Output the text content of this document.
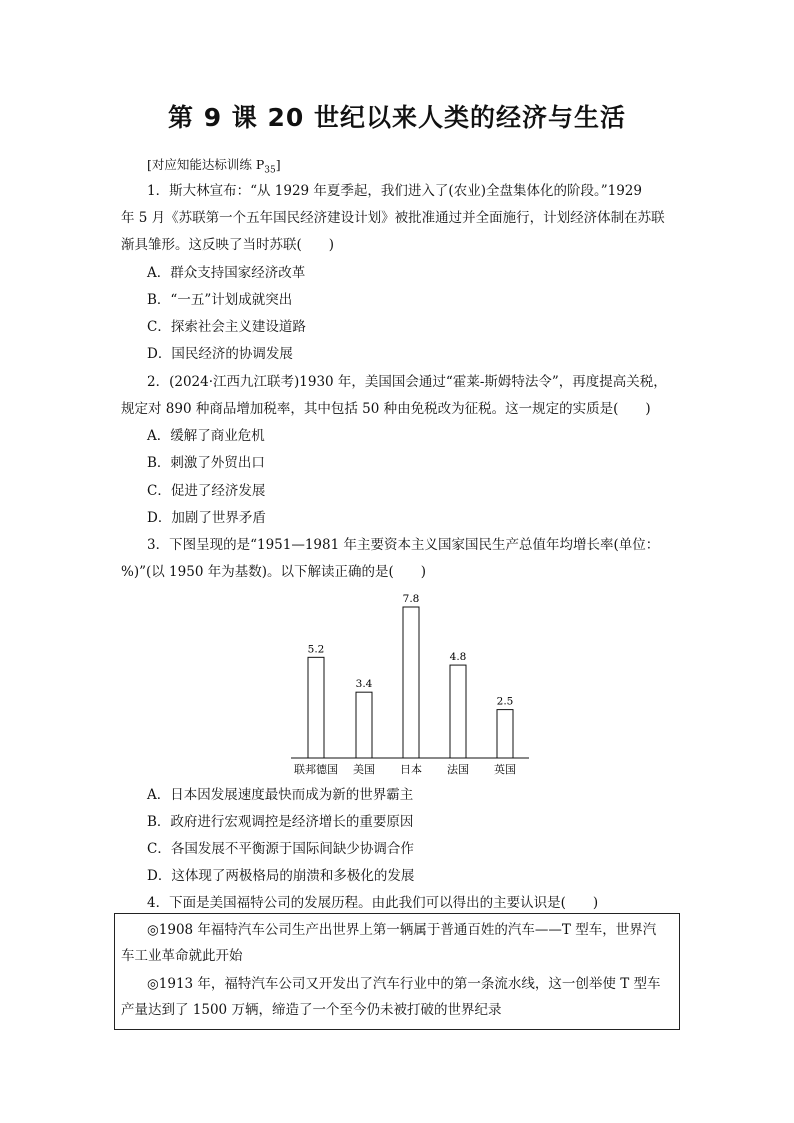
第 9 课 20 世纪以来人类的经济与生活
[对应知能达标训练 $P_{35}$]
1．斯大林宣布：“从 1929 年夏季起，我们进入了(农业)全盘集体化的阶段。”1929
年 5 月《苏联第一个五年国民经济建设计划》被批准通过并全面施行，计划经济体制在苏联
渐具雏形。这反映了当时苏联(　　)
A．群众支持国家经济改革
B．“一五”计划成就突出
C．探索社会主义建设道路
D．国民经济的协调发展
2．(2024·江西九江联考)1930 年，美国国会通过“霍莱-斯姆特法令”，再度提高关税，
规定对 890 种商品增加税率，其中包括 50 种由免税改为征税。这一规定的实质是(　　)
A．缓解了商业危机
B．刺激了外贸出口
C．促进了经济发展
D．加剧了世界矛盾
3．下图呈现的是“1951—1981 年主要资本主义国家国民生产总值年均增长率(单位：
%)”(以 1950 年为基数)。以下解读正确的是(　　)
5.2
联邦德国
3.4
美国
7.8
日本
4.8
法国
2.5
英国
A．日本因发展速度最快而成为新的世界霸主
B．政府进行宏观调控是经济增长的重要原因
C．各国发展不平衡源于国际间缺少协调合作
D．这体现了两极格局的崩溃和多极化的发展
4．下面是美国福特公司的发展历程。由此我们可以得出的主要认识是(　　)
◎1908 年福特汽车公司生产出世界上第一辆属于普通百姓的汽车——T 型车，世界汽
车工业革命就此开始
◎1913 年，福特汽车公司又开发出了汽车行业中的第一条流水线，这一创举使 T 型车
产量达到了 1500 万辆，缔造了一个至今仍未被打破的世界纪录
